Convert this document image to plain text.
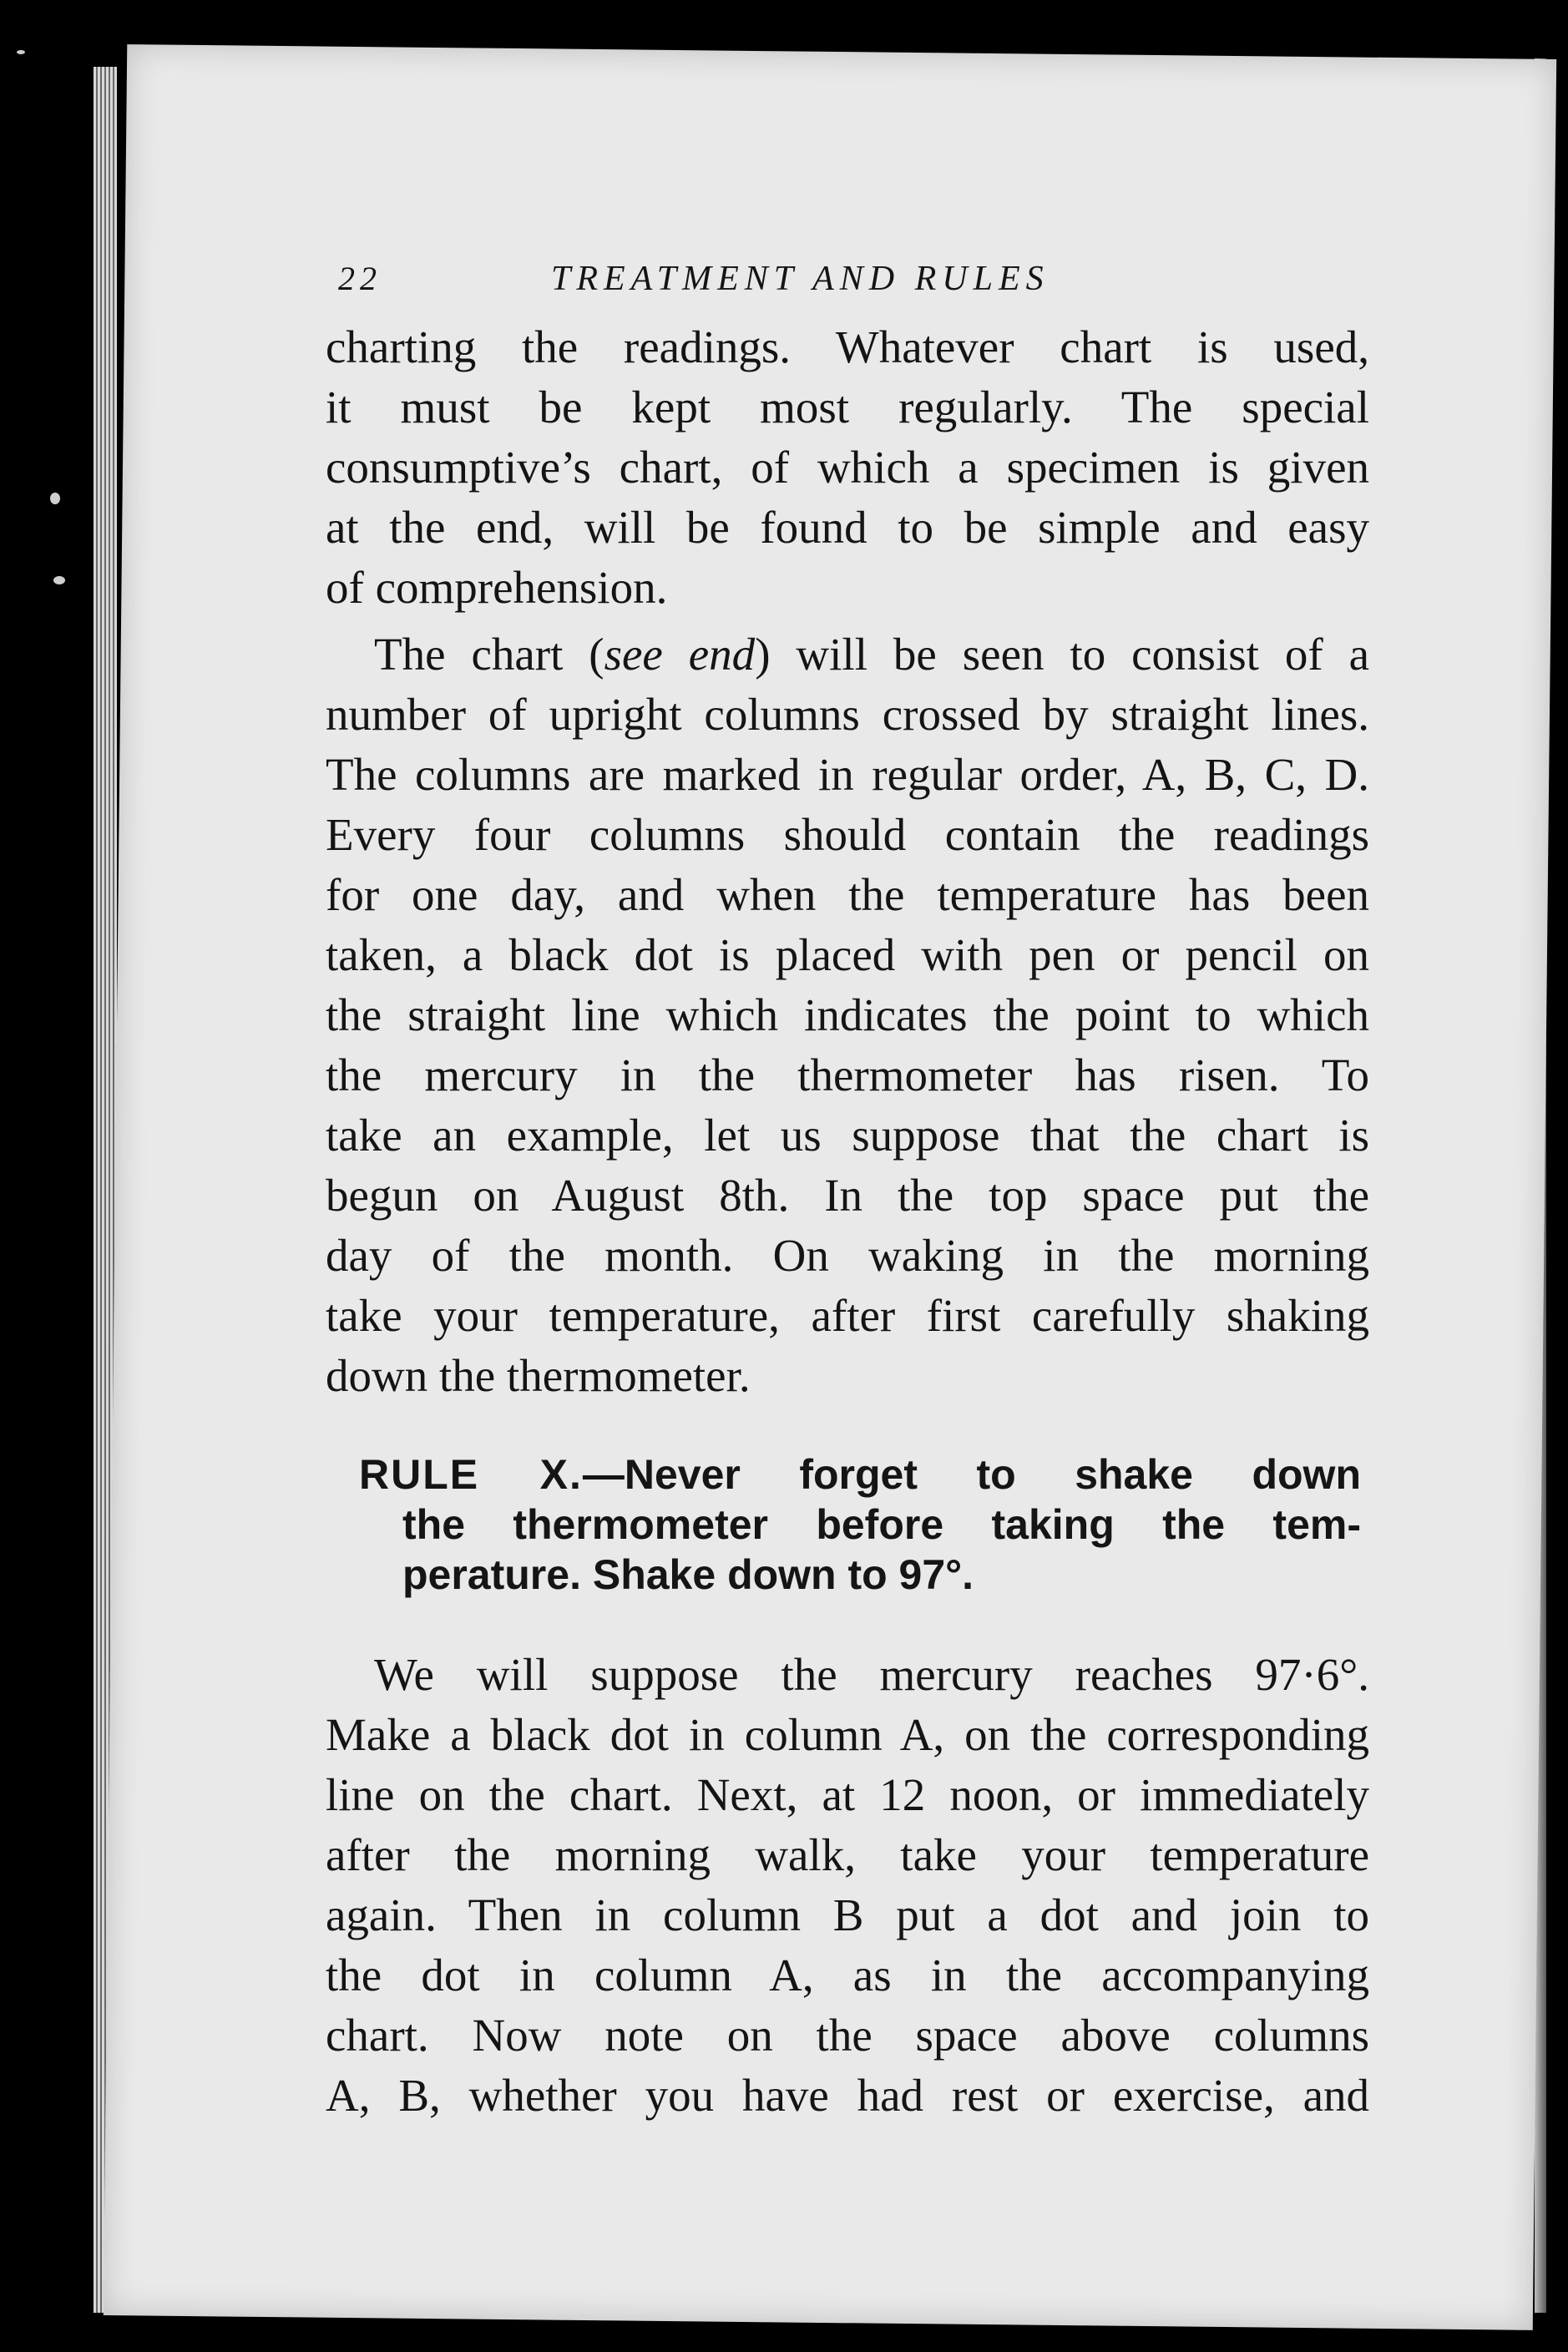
22	TREATMENT AND RULES

charting the readings. Whatever chart is used,
it must be kept most regularly. The special
consumptive’s chart, of which a specimen is given
at the end, will be found to be simple and easy
of comprehension.

The chart (see end) will be seen to consist of a
number of upright columns crossed by straight lines.
The columns are marked in regular order, A, B, C, D.
Every four columns should contain the readings
for one day, and when the temperature has been
taken, a black dot is placed with pen or pencil on
the straight line which indicates the point to which
the mercury in the thermometer has risen. To
take an example, let us suppose that the chart is
begun on August 8th. In the top space put the
day of the month. On waking in the morning
take your temperature, after first carefully shaking
down the thermometer.

RULE X.—Never forget to shake down
the thermometer before taking the tem-
perature. Shake down to 97°.

We will suppose the mercury reaches 97·6°.
Make a black dot in column A, on the corresponding
line on the chart. Next, at 12 noon, or immediately
after the morning walk, take your temperature
again. Then in column B put a dot and join to
the dot in column A, as in the accompanying
chart. Now note on the space above columns
A, B, whether you have had rest or exercise, and
